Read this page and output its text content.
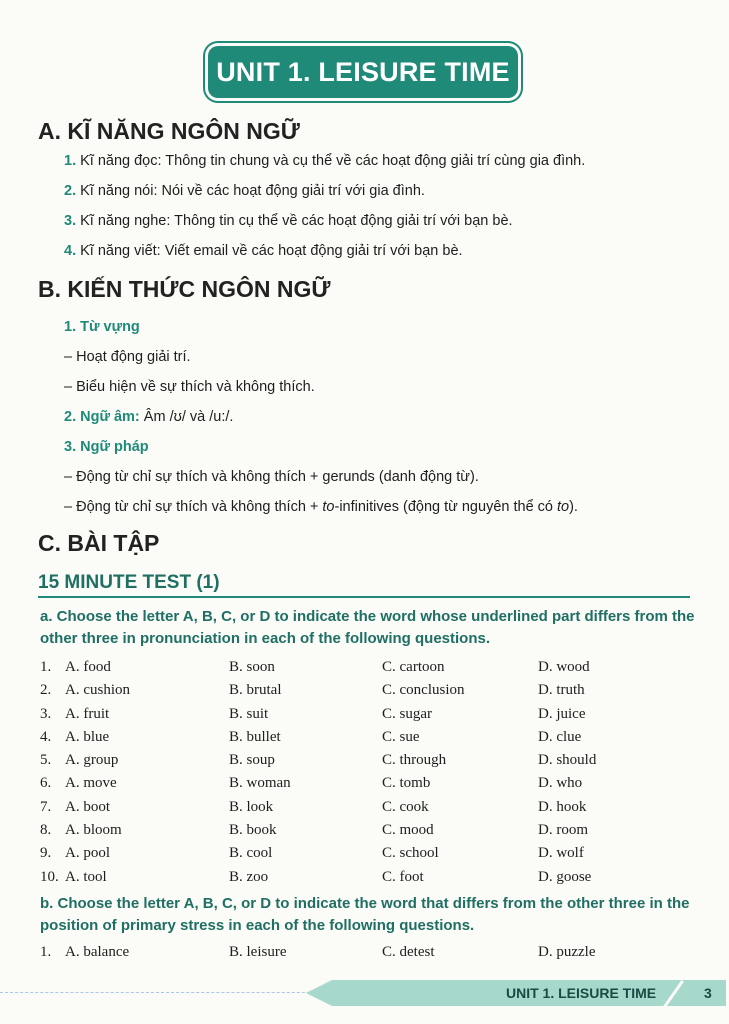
UNIT 1. LEISURE TIME
A. KĨ NĂNG NGÔN NGỮ
1. Kĩ năng đọc: Thông tin chung và cụ thể về các hoạt động giải trí cùng gia đình.
2. Kĩ năng nói: Nói về các hoạt động giải trí với gia đình.
3. Kĩ năng nghe: Thông tin cụ thể về các hoạt động giải trí với bạn bè.
4. Kĩ năng viết: Viết email về các hoạt động giải trí với bạn bè.
B. KIẾN THỨC NGÔN NGỮ
1. Từ vựng
– Hoạt động giải trí.
– Biểu hiện về sự thích và không thích.
2. Ngữ âm: Âm /ʊ/ và /u:/.
3. Ngữ pháp
– Động từ chỉ sự thích và không thích + gerunds (danh động từ).
– Động từ chỉ sự thích và không thích + to-infinitives (động từ nguyên thể có to).
C. BÀI TẬP
15 MINUTE TEST (1)

a. Choose the letter A, B, C, or D to indicate the word whose underlined part differs from the other three in pronunciation in each of the following questions.

1. A. food	B. soon	C. cartoon	D. wood
2. A. cushion	B. brutal	C. conclusion	D. truth
3. A. fruit	B. suit	C. sugar	D. juice
4. A. blue	B. bullet	C. sue	D. clue
5. A. group	B. soup	C. through	D. should
6. A. move	B. woman	C. tomb	D. who
7. A. boot	B. look	C. cook	D. hook
8. A. bloom	B. book	C. mood	D. room
9. A. pool	B. cool	C. school	D. wolf
10. A. tool	B. zoo	C. foot	D. goose

b. Choose the letter A, B, C, or D to indicate the word that differs from the other three in the position of primary stress in each of the following questions.

1. A. balance	B. leisure	C. detest	D. puzzle
UNIT 1. LEISURE TIME	3
